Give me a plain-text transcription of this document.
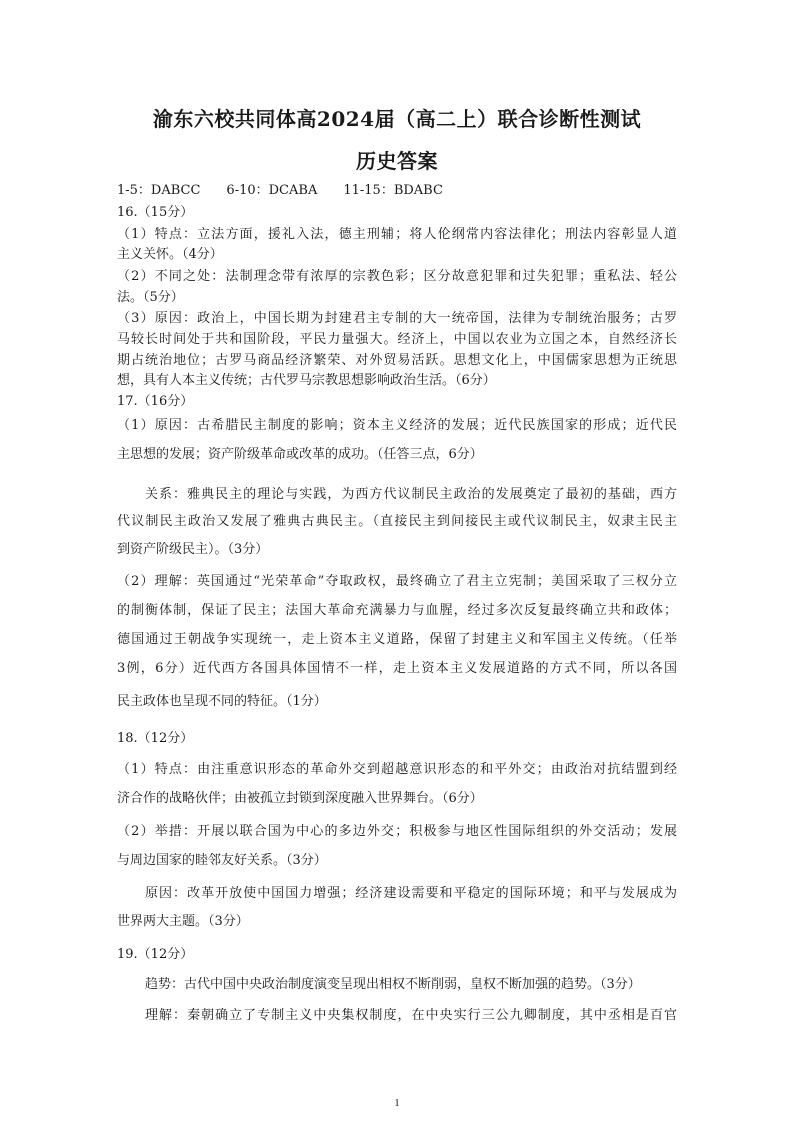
渝东六校共同体高2024届（高二上）联合诊断性测试
历史答案
1-5：DABCC　　6-10：DCABA　　11-15：BDABC
16.（15分）
（1）特点：立法方面，援礼入法，德主刑辅；将人伦纲常内容法律化；刑法内容彰显人道
主义关怀。（4分）
（2）不同之处：法制理念带有浓厚的宗教色彩；区分故意犯罪和过失犯罪；重私法、轻公
法。（5分）
（3）原因：政治上，中国长期为封建君主专制的大一统帝国，法律为专制统治服务；古罗
马较长时间处于共和国阶段，平民力量强大。经济上，中国以农业为立国之本，自然经济长
期占统治地位；古罗马商品经济繁荣、对外贸易活跃。思想文化上，中国儒家思想为正统思
想，具有人本主义传统；古代罗马宗教思想影响政治生活。（6分）
17.（16分）
（1）原因：古希腊民主制度的影响；资本主义经济的发展；近代民族国家的形成；近代民
主思想的发展；资产阶级革命或改革的成功。（任答三点，6分）
关系：雅典民主的理论与实践，为西方代议制民主政治的发展奠定了最初的基础，西方
代议制民主政治又发展了雅典古典民主。（直接民主到间接民主或代议制民主，奴隶主民主
到资产阶级民主）。（3分）
（2）理解：英国通过“光荣革命”夺取政权，最终确立了君主立宪制；美国采取了三权分立
的制衡体制，保证了民主；法国大革命充满暴力与血腥，经过多次反复最终确立共和政体；
德国通过王朝战争实现统一，走上资本主义道路，保留了封建主义和军国主义传统。（任举
3例，6分）近代西方各国具体国情不一样，走上资本主义发展道路的方式不同，所以各国
民主政体也呈现不同的特征。（1分）
18.（12分）
（1）特点：由注重意识形态的革命外交到超越意识形态的和平外交；由政治对抗结盟到经
济合作的战略伙伴；由被孤立封锁到深度融入世界舞台。（6分）
（2）举措：开展以联合国为中心的多边外交；积极参与地区性国际组织的外交活动；发展
与周边国家的睦邻友好关系。（3分）
原因：改革开放使中国国力增强；经济建设需要和平稳定的国际环境；和平与发展成为
世界两大主题。（3分）
19.（12分）
趋势：古代中国中央政治制度演变呈现出相权不断削弱，皇权不断加强的趋势。（3分）
理解：秦朝确立了专制主义中央集权制度，在中央实行三公九卿制度，其中丞相是百官
1
